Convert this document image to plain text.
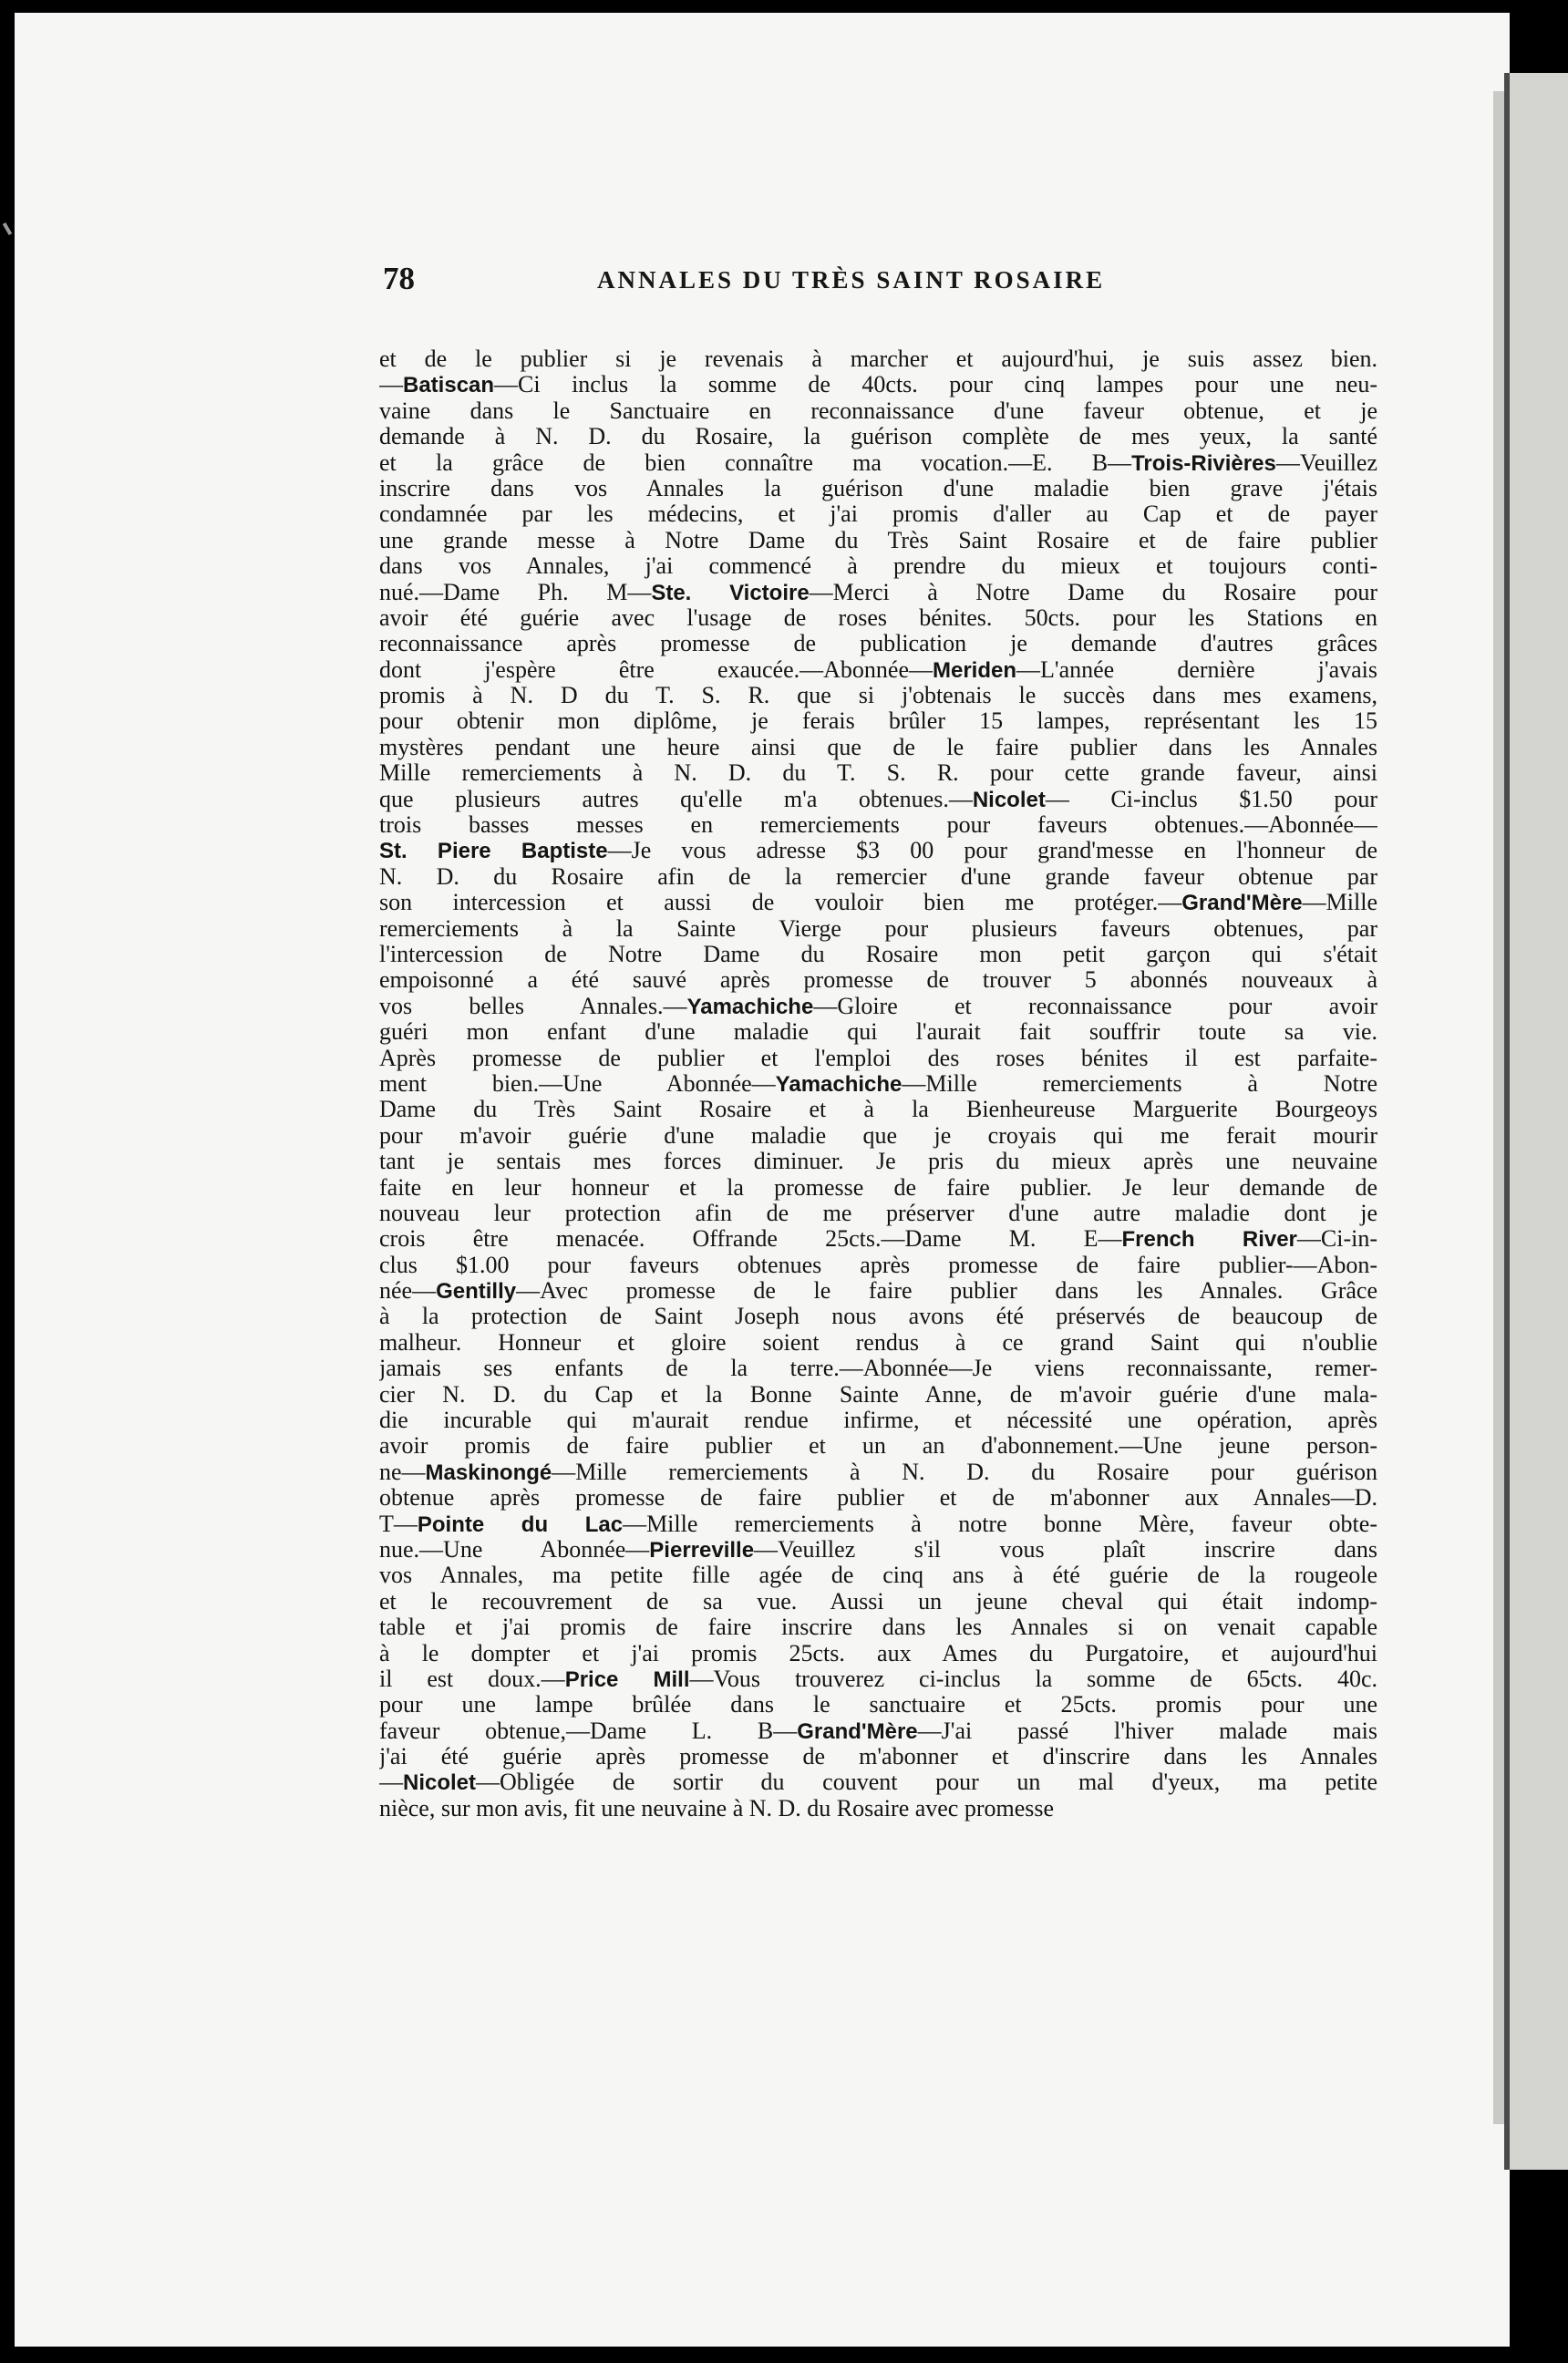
78	ANNALES DU TRÈS SAINT ROSAIRE
et de le publier si je revenais à marcher et aujourd'hui, je suis assez bien.
—Batiscan—Ci inclus la somme de 40cts. pour cinq lampes pour une neu-
vaine dans le Sanctuaire en reconnaissance d'une faveur obtenue, et je
demande à N. D. du Rosaire, la guérison complète de mes yeux, la santé
et la grâce de bien connaître ma vocation.—E. B—Trois-Rivières—Veuillez
inscrire dans vos Annales la guérison d'une maladie bien grave j'étais
condamnée par les médecins, et j'ai promis d'aller au Cap et de payer
une grande messe à Notre Dame du Très Saint Rosaire et de faire publier
dans vos Annales, j'ai commencé à prendre du mieux et toujours conti-
nué.—Dame Ph. M—Ste. Victoire—Merci à Notre Dame du Rosaire pour
avoir été guérie avec l'usage de roses bénites. 50cts. pour les Stations en
reconnaissance après promesse de publication je demande d'autres grâces
dont j'espère être exaucée.—Abonnée—Meriden—L'année dernière j'avais
promis à N. D du T. S. R. que si j'obtenais le succès dans mes examens,
pour obtenir mon diplôme, je ferais brûler 15 lampes, représentant les 15
mystères pendant une heure ainsi que de le faire publier dans les Annales
Mille remerciements à N. D. du T. S. R. pour cette grande faveur, ainsi
que plusieurs autres qu'elle m'a obtenues.—Nicolet— Ci-inclus $1.50 pour
trois basses messes en remerciements pour faveurs obtenues.—Abonnée—
St. Piere Baptiste—Je vous adresse $3 00 pour grand'messe en l'honneur de
N. D. du Rosaire afin de la remercier d'une grande faveur obtenue par
son intercession et aussi de vouloir bien me protéger.—Grand'Mère—Mille
remerciements à la Sainte Vierge pour plusieurs faveurs obtenues, par
l'intercession de Notre Dame du Rosaire mon petit garçon qui s'était
empoisonné a été sauvé après promesse de trouver 5 abonnés nouveaux à
vos belles Annales.—Yamachiche—Gloire et reconnaissance pour avoir
guéri mon enfant d'une maladie qui l'aurait fait souffrir toute sa vie.
Après promesse de publier et l'emploi des roses bénites il est parfaite-
ment bien.—Une Abonnée—Yamachiche—Mille remerciements à Notre
Dame du Très Saint Rosaire et à la Bienheureuse Marguerite Bourgeoys
pour m'avoir guérie d'une maladie que je croyais qui me ferait mourir
tant je sentais mes forces diminuer. Je pris du mieux après une neuvaine
faite en leur honneur et la promesse de faire publier. Je leur demande de
nouveau leur protection afin de me préserver d'une autre maladie dont je
crois être menacée. Offrande 25cts.—Dame M. E—French River—Ci-in-
clus $1.00 pour faveurs obtenues après promesse de faire publier-—Abon-
née—Gentilly—Avec promesse de le faire publier dans les Annales. Grâce
à la protection de Saint Joseph nous avons été préservés de beaucoup de
malheur. Honneur et gloire soient rendus à ce grand Saint qui n'oublie
jamais ses enfants de la terre.—Abonnée—Je viens reconnaissante, remer-
cier N. D. du Cap et la Bonne Sainte Anne, de m'avoir guérie d'une mala-
die incurable qui m'aurait rendue infirme, et nécessité une opération, après
avoir promis de faire publier et un an d'abonnement.—Une jeune person-
ne—Maskinongé—Mille remerciements à N. D. du Rosaire pour guérison
obtenue après promesse de faire publier et de m'abonner aux Annales—D.
T—Pointe du Lac—Mille remerciements à notre bonne Mère, faveur obte-
nue.—Une Abonnée—Pierreville—Veuillez s'il vous plaît inscrire dans
vos Annales, ma petite fille agée de cinq ans à été guérie de la rougeole
et le recouvrement de sa vue. Aussi un jeune cheval qui était indomp-
table et j'ai promis de faire inscrire dans les Annales si on venait capable
à le dompter et j'ai promis 25cts. aux Ames du Purgatoire, et aujourd'hui
il est doux.—Price Mill—Vous trouverez ci-inclus la somme de 65cts. 40c.
pour une lampe brûlée dans le sanctuaire et 25cts. promis pour une
faveur obtenue,—Dame L. B—Grand'Mère—J'ai passé l'hiver malade mais
j'ai été guérie après promesse de m'abonner et d'inscrire dans les Annales
—Nicolet—Obligée de sortir du couvent pour un mal d'yeux, ma petite
nièce, sur mon avis, fit une neuvaine à N. D. du Rosaire avec promesse
